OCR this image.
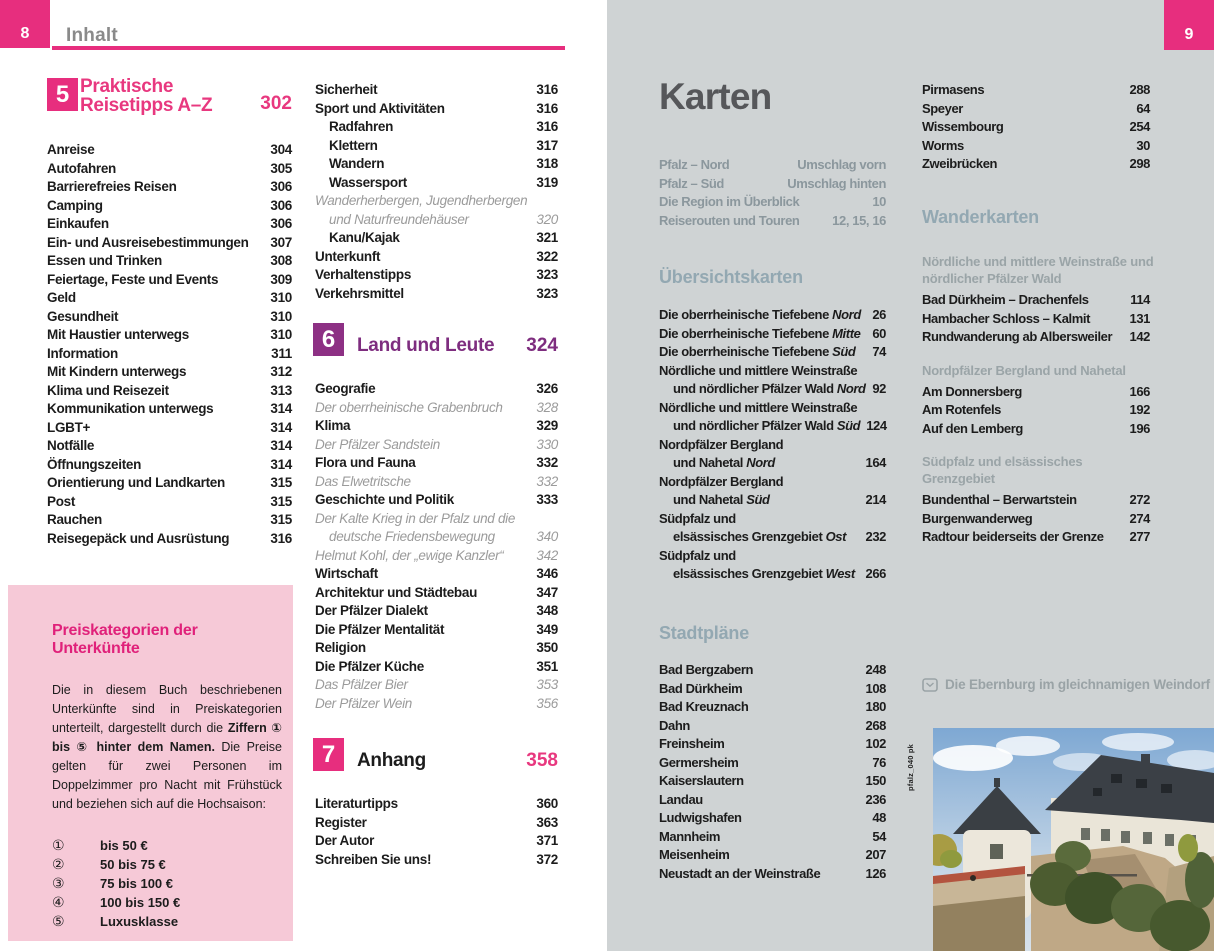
8 Inhalt
5 Praktische
Reisetipps A–Z	302
Anreise	304
Autofahren	305
Barrierefreies Reisen	306
Camping	306
Einkaufen	306
Ein- und Ausreisebestimmungen	307
Essen und Trinken	308
Feiertage, Feste und Events	309
Geld	310
Gesundheit	310
Mit Haustier unterwegs	310
Information	311
Mit Kindern unterwegs	312
Klima und Reisezeit	313
Kommunikation unterwegs	314
LGBT+	314
Notfälle	314
Öffnungszeiten	314
Orientierung und Landkarten	315
Post	315
Rauchen	315
Reisegepäck und Ausrüstung	316
Sicherheit	316
Sport und Aktivitäten	316
Radfahren	316
Klettern	317
Wandern	318
Wassersport	319
Wanderherbergen, Jugendherbergen
und Naturfreundehäuser	320
Kanu/Kajak	321
Unterkunft	322
Verhaltenstipps	323
Verkehrsmittel	323
6	Land und Leute 324
Geografie	326
Der oberrheinische Grabenbruch	328
Klima	329
Der Pfälzer Sandstein	330
Flora und Fauna	332
Das Elwetritsche	332
Geschichte und Politik	333
Der Kalte Krieg in der Pfalz und die
deutsche Friedensbewegung	340
Helmut Kohl, der „ewige Kanzler“	342
Wirtschaft	346
Architektur und Städtebau	347
Der Pfälzer Dialekt	348
Die Pfälzer Mentalität	349
Religion	350
Die Pfälzer Küche	351
Das Pfälzer Bier	353
Der Pfälzer Wein	356
7	Anhang	358
Literaturtipps	360
Register	363
Der Autor	371
Schreiben Sie uns!	372
Preiskategorien der Unterkünfte
Die in diesem Buch beschriebenen Unterkünfte sind in Preiskategorien unterteilt, dargestellt durch die Ziffern ① bis ⑤ hinter dem Namen. Die Preise gelten für zwei Personen im Doppelzimmer pro Nacht mit Frühstück und beziehen sich auf die Hochsaison:
①	bis 50 €
②	50 bis 75 €
③	75 bis 100 €
④	100 bis 150 €
⑤	Luxusklasse
9
Karten
Pfalz – Nord	Umschlag vorn
Pfalz – Süd	Umschlag hinten
Die Region im Überblick	10
Reiserouten und Touren	12, 15, 16
Übersichtskarten
Die oberrheinische Tiefebene Nord 26
Die oberrheinische Tiefebene Mitte 60
Die oberrheinische Tiefebene Süd	74
Nördliche und mittlere Weinstraße
und nördlicher Pfälzer Wald Nord 92
Nördliche und mittlere Weinstraße
und nördlicher Pfälzer Wald Süd 124
Nordpfälzer Bergland
und Nahetal Nord	164
Nordpfälzer Bergland
und Nahetal Süd	214
Südpfalz und
elsässisches Grenzgebiet Ost	232
Südpfalz und
elsässisches Grenzgebiet West 266
Stadtpläne
Bad Bergzabern	248
Bad Dürkheim	108
Bad Kreuznach	180
Dahn	268
Freinsheim	102
Germersheim	76
Kaiserslautern	150
Landau	236
Ludwigshafen	48
Mannheim	54
Meisenheim	207
Neustadt an der Weinstraße	126
Pirmasens	288
Speyer	64
Wissembourg	254
Worms	30
Zweibrücken	298
Wanderkarten
Nördliche und mittlere Weinstraße und nördlicher Pfälzer Wald
Bad Dürkheim – Drachenfels	114
Hambacher Schloss – Kalmit	131
Rundwanderung ab Albersweiler	142
Nordpfälzer Bergland und Nahetal
Am Donnersberg	166
Am Rotenfels	192
Auf den Lemberg	196
Südpfalz und elsässisches Grenzgebiet
Bundenthal – Berwartstein	272
Burgenwanderweg	274
Radtour beiderseits der Grenze	277
Die Ebernburg im gleichnamigen Weindorf
pfalz_040 pk
